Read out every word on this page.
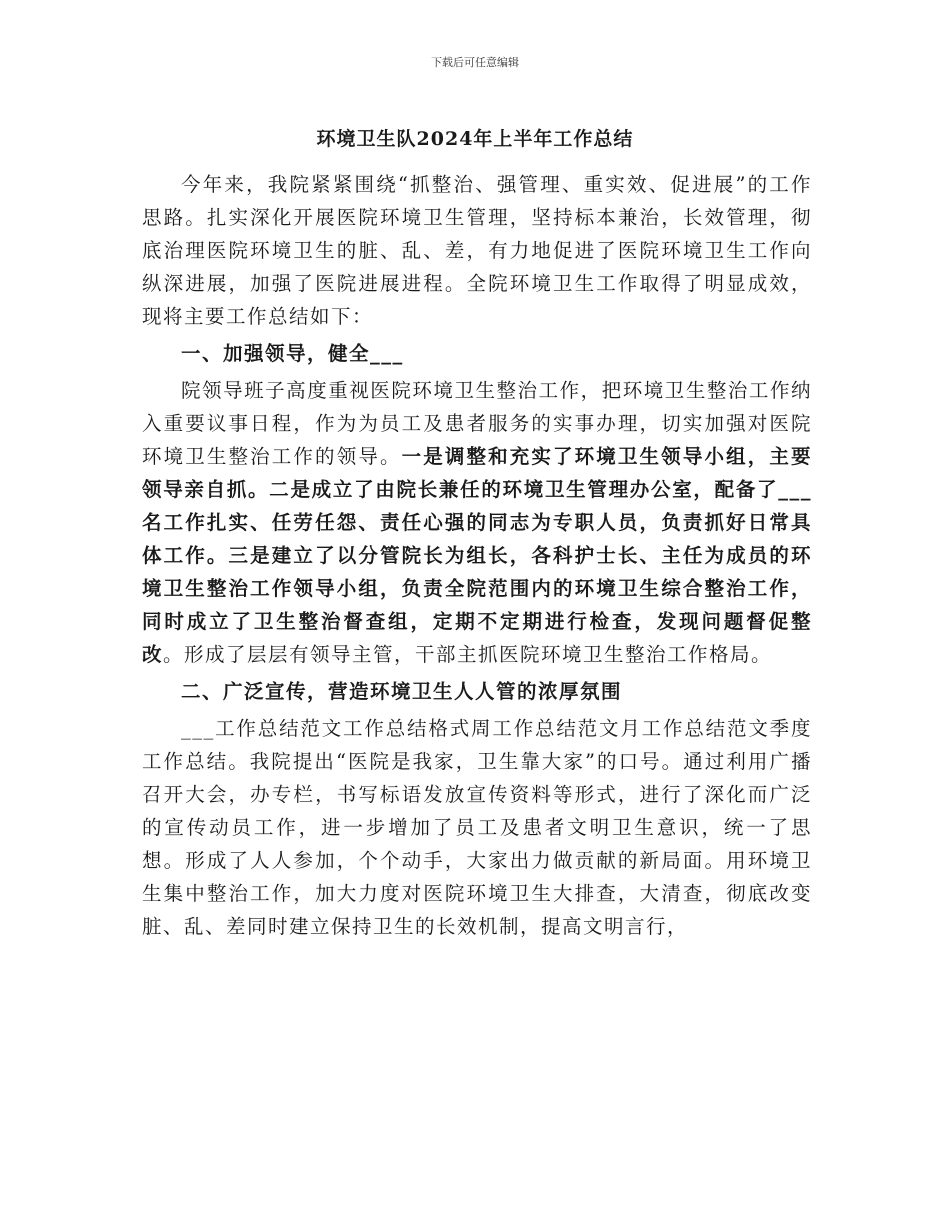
下载后可任意编辑
环境卫生队2024年上半年工作总结

今年来，我院紧紧围绕“抓整治、强管理、重实效、促进展”的工作思路。扎实深化开展医院环境卫生管理，坚持标本兼治，长效管理，彻底治理医院环境卫生的脏、乱、差，有力地促进了医院环境卫生工作向纵深进展，加强了医院进展进程。全院环境卫生工作取得了明显成效，现将主要工作总结如下：

一、加强领导，健全___

院领导班子高度重视医院环境卫生整治工作，把环境卫生整治工作纳入重要议事日程，作为为员工及患者服务的实事办理，切实加强对医院环境卫生整治工作的领导。一是调整和充实了环境卫生领导小组，主要领导亲自抓。二是成立了由院长兼任的环境卫生管理办公室，配备了___名工作扎实、任劳任怨、责任心强的同志为专职人员，负责抓好日常具体工作。三是建立了以分管院长为组长，各科护士长、主任为成员的环境卫生整治工作领导小组，负责全院范围内的环境卫生综合整治工作，同时成立了卫生整治督查组，定期不定期进行检查，发现问题督促整改。形成了层层有领导主管，干部主抓医院环境卫生整治工作格局。

二、广泛宣传，营造环境卫生人人管的浓厚氛围

___工作总结范文工作总结格式周工作总结范文月工作总结范文季度工作总结。我院提出“医院是我家，卫生靠大家”的口号。通过利用广播召开大会，办专栏，书写标语发放宣传资料等形式，进行了深化而广泛的宣传动员工作，进一步增加了员工及患者文明卫生意识，统一了思想。形成了人人参加，个个动手，大家出力做贡献的新局面。用环境卫生集中整治工作，加大力度对医院环境卫生大排查，大清查，彻底改变脏、乱、差同时建立保持卫生的长效机制，提高文明言行，
